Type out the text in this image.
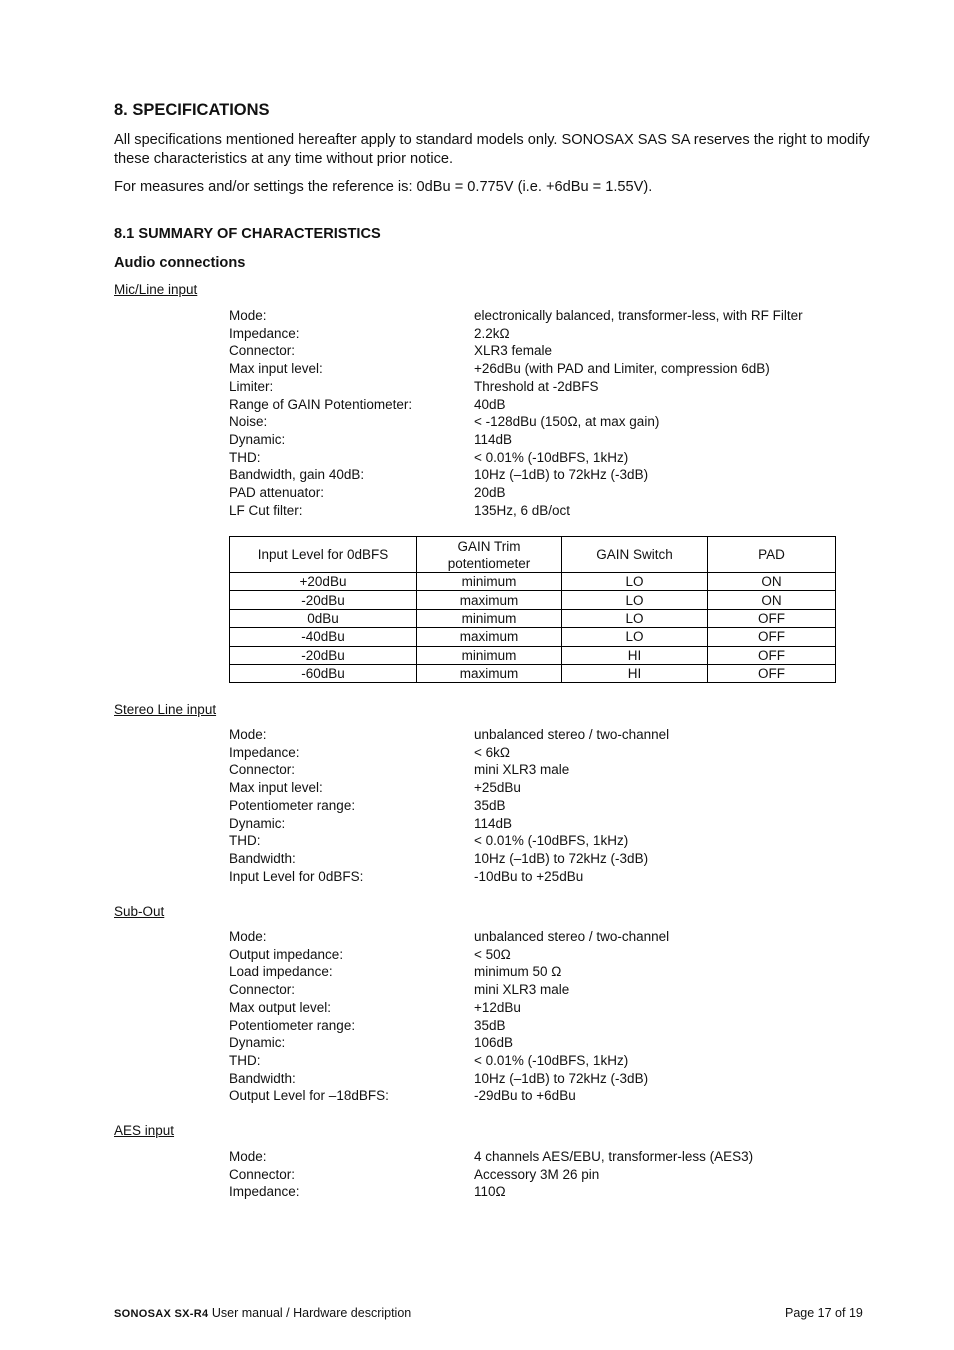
8. SPECIFICATIONS
All specifications mentioned hereafter apply to standard models only. SONOSAX SAS SA reserves the right to modify these characteristics at any time without prior notice.
For measures and/or settings the reference is: 0dBu = 0.775V (i.e. +6dBu = 1.55V).
8.1 SUMMARY OF CHARACTERISTICS
Audio connections
Mic/Line input
Mode:	electronically balanced, transformer-less, with RF Filter
Impedance:	2.2kΩ
Connector:	XLR3 female
Max input level:	+26dBu (with PAD and Limiter, compression 6dB)
Limiter:	Threshold at -2dBFS
Range of GAIN Potentiometer:	40dB
Noise:	< -128dBu (150Ω, at max gain)
Dynamic:	114dB
THD:	< 0.01% (-10dBFS, 1kHz)
Bandwidth, gain 40dB:	10Hz (–1dB) to 72kHz (-3dB)
PAD attenuator:	20dB
LF Cut filter:	135Hz, 6 dB/oct
Input Level for 0dBFS	GAIN Trim potentiometer	GAIN Switch	PAD
+20dBu	minimum	LO	ON
-20dBu	maximum	LO	ON
0dBu	minimum	LO	OFF
-40dBu	maximum	LO	OFF
-20dBu	minimum	HI	OFF
-60dBu	maximum	HI	OFF
Stereo Line input
Mode:	unbalanced stereo / two-channel
Impedance:	< 6kΩ
Connector:	mini XLR3 male
Max input level:	+25dBu
Potentiometer range:	35dB
Dynamic:	114dB
THD:	< 0.01% (-10dBFS, 1kHz)
Bandwidth:	10Hz (–1dB) to 72kHz (-3dB)
Input Level for 0dBFS:	-10dBu to +25dBu
Sub-Out
Mode:	unbalanced stereo / two-channel
Output impedance:	< 50Ω
Load impedance:	minimum 50 Ω
Connector:	mini XLR3 male
Max output level:	+12dBu
Potentiometer range:	35dB
Dynamic:	106dB
THD:	< 0.01% (-10dBFS, 1kHz)
Bandwidth:	10Hz (–1dB) to 72kHz (-3dB)
Output Level for –18dBFS:	-29dBu to +6dBu
AES input
Mode:	4 channels AES/EBU, transformer-less (AES3)
Connector:	Accessory 3M 26 pin
Impedance:	110Ω
SONOSAX SX-R4 User manual / Hardware description	Page 17 of 19
